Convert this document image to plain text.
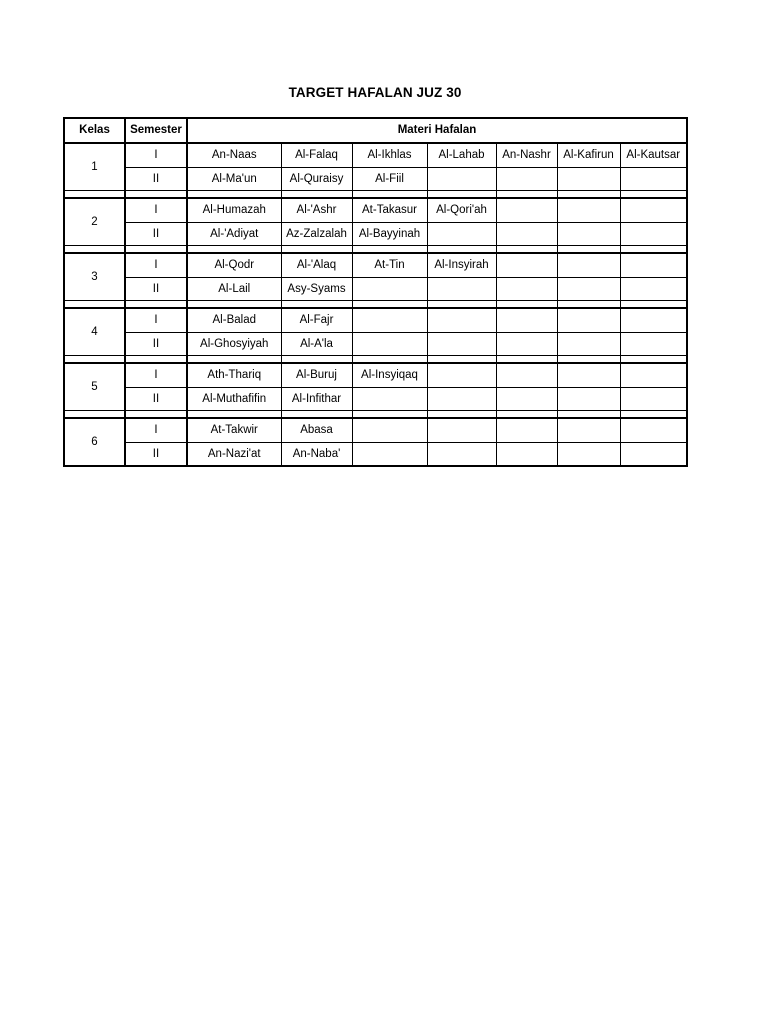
TARGET HAFALAN JUZ 30
Kelas	Semester	Materi Hafalan						
1	I	An-Naas	Al-Falaq	Al-Ikhlas	Al-Lahab	An-Nashr	Al-Kafirun	Al-Kautsar
	II	Al-Ma'un	Al-Quraisy	Al-Fiil				

2	I	Al-Humazah	Al-'Ashr	At-Takasur	Al-Qori'ah			
	II	Al-'Adiyat	Az-Zalzalah	Al-Bayyinah				

3	I	Al-Qodr	Al-'Alaq	At-Tin	Al-Insyirah			
	II	Al-Lail	Asy-Syams					

4	I	Al-Balad	Al-Fajr					
	II	Al-Ghosyiyah	Al-A'la					

5	I	Ath-Thariq	Al-Buruj	Al-Insyiqaq				
	II	Al-Muthafifin	Al-Infithar					

6	I	At-Takwir	Abasa					
	II	An-Nazi'at	An-Naba'					
